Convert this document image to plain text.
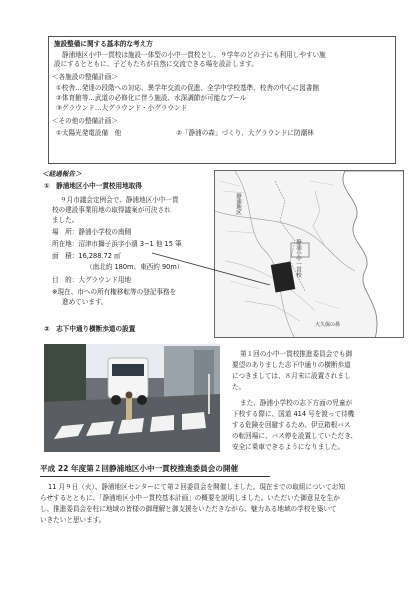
施設整備に関する基本的な考え方
静浦地区小中一貫校は施設一体型の小中一貫校とし、９学年のどの子にも利用しやすい施
設にするとともに、子どもたちが自然に交流できる場を設計します。
＜各施設の整備計画＞
①校舎…発達の段階への対応、異学年交流の促進、全学中学校基準、校舎の中心に図書館
②体育館等…武道の必修化に伴う施設、水深調節が可能なプール
③グラウンド…大グラウンド・小グラウンド
＜その他の整備計画＞
①太陽光発電設備　他	②「静浦の森」づくり、大グラウンドに防潮林
＜経過報告＞
①　静浦地区小中一貫校用地取得
９月市議会定例会で、静浦地区小中一貫
校の建設事業用地の取得議案が可決され
ました。
場　所：静浦小学校の南側
所在地：沼津市獅子浜字小濱 3−1 他 15 筆
面　積：16,288.72 ㎡
（南北約 180m、東西約 90m）
目　的：大グラウンド用地
※現在、市への所有権移転等の登記事務を
進めています。
静浦地区
静浦小中一貫校
大久保の鼻
②　志下中通り横断歩道の設置
第１回の小中一貫校推進委員会でも御
要望のありました志下中通りの横断歩道
につきましては、８月末に設置されまし
た。
また、静浦小学校の志下方面の児童が
下校する際に、国道 414 号を渡って待機
する危険を回避するため、伊豆箱根バス
の転回場に、バス停を設置していただき、
安全に乗車できるようになりました。
平成 22 年度第２回静浦地区小中一貫校推進委員会の開催
11 月９日（火）、静浦地区センターにて第２回委員会を開催しました。現在までの取組についてお知
らせするとともに、「静浦地区小中一貫校基本計画」の概要を説明しました。いただいた御意見を生か
し、推進委員会を柱に地域の皆様の御理解と御支援をいただきながら、魅力ある地域の学校を築いて
いきたいと思います。
